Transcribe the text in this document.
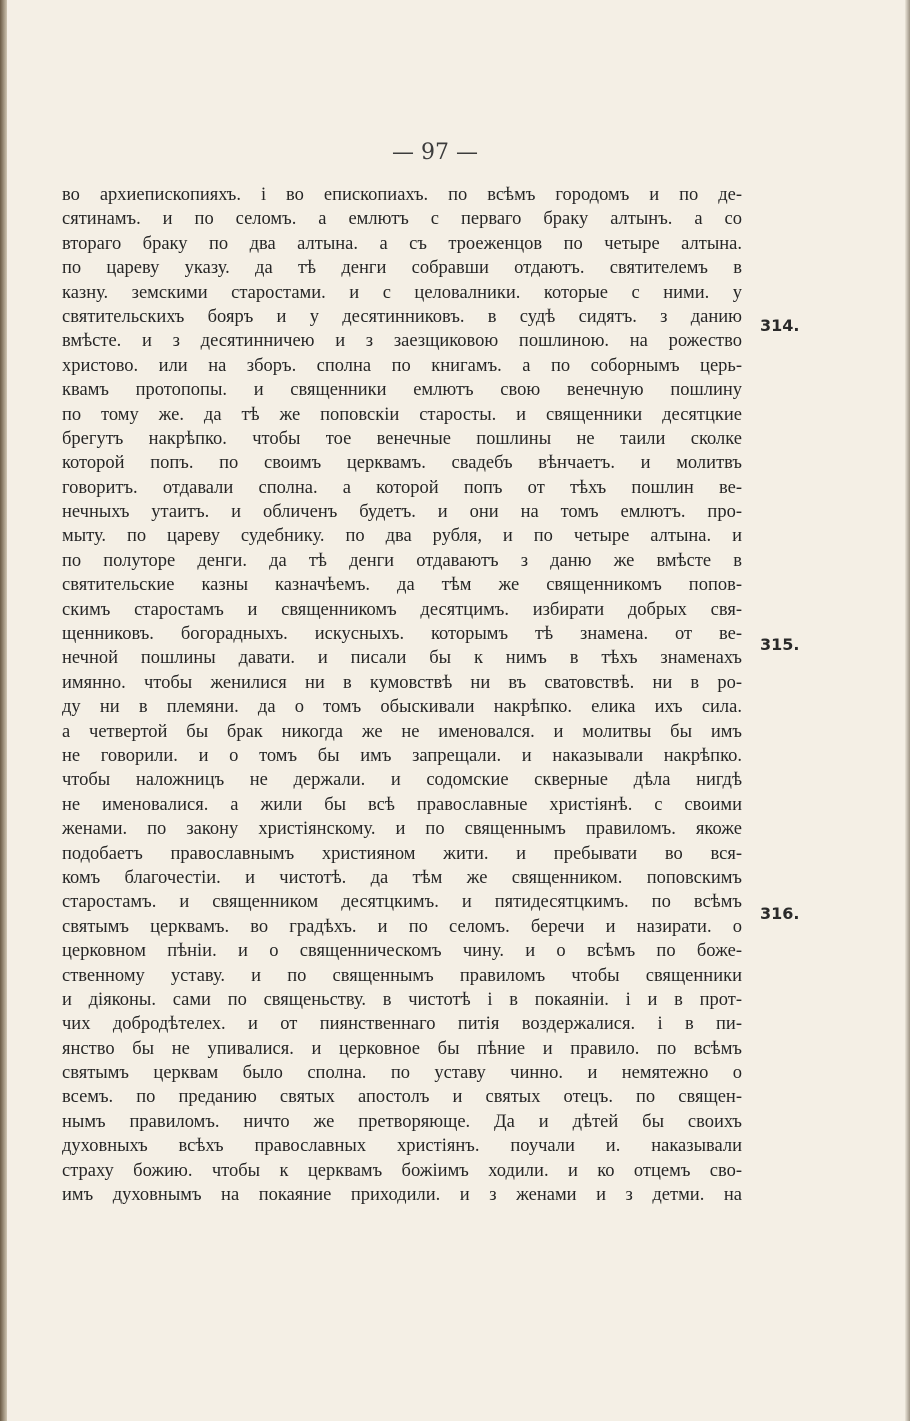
— 97 —
во архиепископияхъ. і во епископиахъ. по всѣмъ городомъ и по де-
сятинамъ. и по селомъ. а емлютъ с перваго браку алтынъ. а со
втораго браку по два алтына. а съ троеженцов по четыре алтына.
по цареву указу. да тѣ денги собравши отдаютъ. святителемъ в
казну. земскими старостами. и с целовалники. которые с ними. у
святительскихъ бояръ и у десятинниковъ. в судѣ сидятъ. з данию
вмѣсте. и з десятинничею и з заезщиковою пошлиною. на рожество
христово. или на зборъ. сполна по книгамъ. а по соборнымъ церь-
квамъ протопопы. и священники емлютъ свою венечную пошлину
по тому же. да тѣ же поповскіи старосты. и священники десятцкие
брегутъ накрѣпко. чтобы тое венечные пошлины не таили сколке
которой попъ. по своимъ церквамъ. свадебъ вѣнчаетъ. и молитвъ
говоритъ. отдавали сполна. а которой попъ от тѣхъ пошлин ве-
нечныхъ утаитъ. и обличенъ будетъ. и они на томъ емлютъ. про-
мыту. по цареву судебнику. по два рубля, и по четыре алтына. и
по полуторе денги. да тѣ денги отдаваютъ з даню же вмѣсте в
святительские казны казначѣемъ. да тѣм же священникомъ попов-
скимъ старостамъ и священникомъ десятцимъ. избирати добрых свя-
щенниковъ. богорадныхъ. искусныхъ. которымъ тѣ знамена. от ве-
нечной пошлины давати. и писали бы к нимъ в тѣхъ знаменахъ
имянно. чтобы женилися ни в кумовствѣ ни въ сватовствѣ. ни в ро-
ду ни в племяни. да о томъ обыскивали накрѣпко. елика ихъ сила.
а четвертой бы брак никогда же не именовался. и молитвы бы имъ
не говорили. и о томъ бы имъ запрещали. и наказывали накрѣпко.
чтобы наложницъ не держали. и содомские скверные дѣла нигдѣ
не именовалися. а жили бы всѣ православные христіянѣ. с своими
женами. по закону христіянскому. и по священнымъ правиломъ. якоже
подобаетъ православнымъ християном жити. и пребывати во вся-
комъ благочестіи. и чистотѣ. да тѣм же священником. поповскимъ
старостамъ. и священником десятцкимъ. и пятидесятцкимъ. по всѣмъ
святымъ церквамъ. во градѣхъ. и по селомъ. беречи и назирати. о
церковном пѣніи. и о священническомъ чину. и о всѣмъ по боже-
ственному уставу. и по священнымъ правиломъ чтобы священники
и діяконы. сами по священьству. в чистотѣ і в покаяніи. і и в прот-
чих добродѣтелех. и от пиянственнаго питія воздержалися. і в пи-
янство бы не упивалися. и церковное бы пѣние и правило. по всѣмъ
святымъ церквам было сполна. по уставу чинно. и немятежно о
всемъ. по преданию святых апостолъ и святых отецъ. по священ-
нымъ правиломъ. ничто же претворяюще. Да и дѣтей бы своихъ
духовныхъ всѣхъ православных христіянъ. поучали и. наказывали
страху божию. чтобы к церквамъ божіимъ ходили. и ко отцемъ сво-
имъ духовнымъ на покаяние приходили. и з женами и з детми. на
314.
315.
316.
